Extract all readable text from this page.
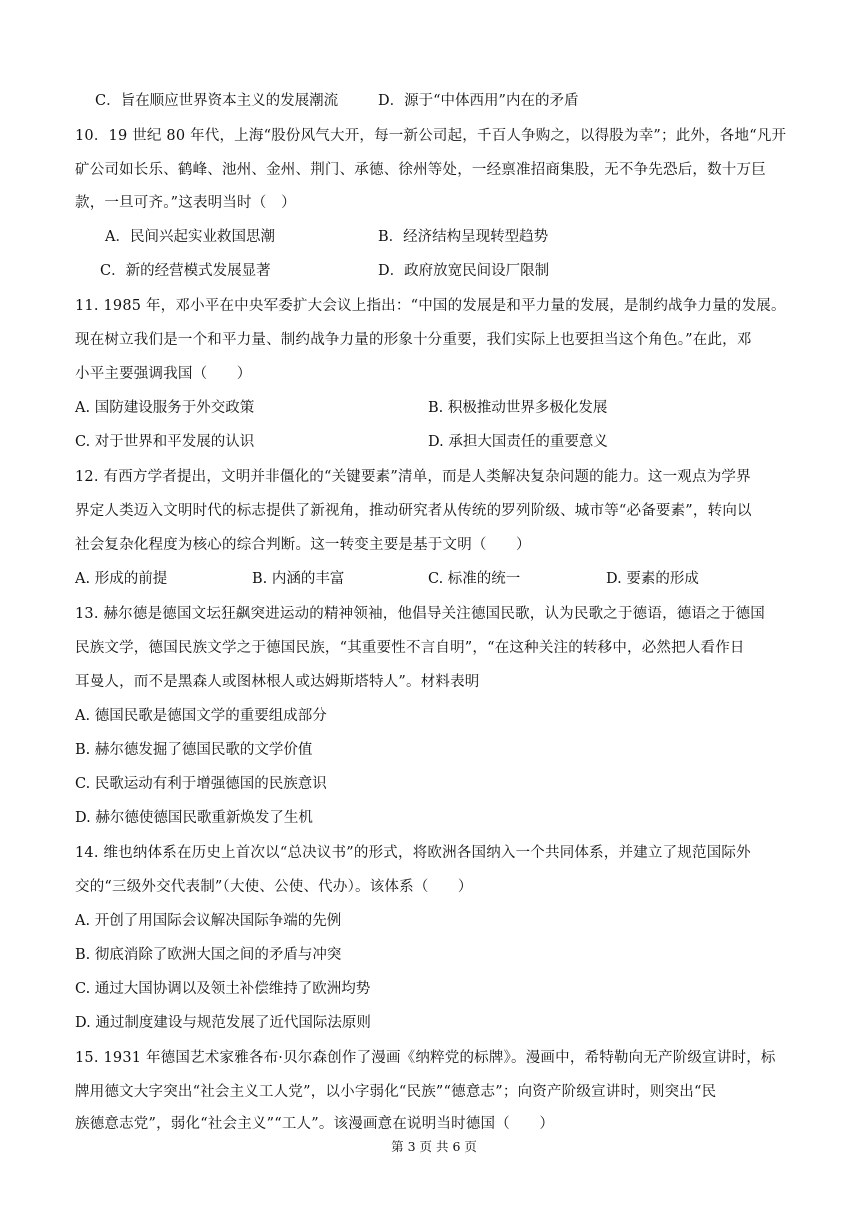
C．旨在顺应世界资本主义的发展潮流	D．源于“中体西用”内在的矛盾
10．19 世纪 80 年代，上海“股份风气大开，每一新公司起，千百人争购之，以得股为幸”；此外，各地“凡开
矿公司如长乐、鹤峰、池州、金州、荆门、承德、徐州等处，一经禀准招商集股，无不争先恐后，数十万巨
款，一旦可齐。”这表明当时（　）
A．民间兴起实业救国思潮	B．经济结构呈现转型趋势
C．新的经营模式发展显著	D．政府放宽民间设厂限制
11. 1985 年，邓小平在中央军委扩大会议上指出：“中国的发展是和平力量的发展，是制约战争力量的发展。
现在树立我们是一个和平力量、制约战争力量的形象十分重要，我们实际上也要担当这个角色。”在此，邓
小平主要强调我国（　　）
A. 国防建设服务于外交政策	B. 积极推动世界多极化发展
C. 对于世界和平发展的认识	D. 承担大国责任的重要意义
12. 有西方学者提出，文明并非僵化的“关键要素”清单，而是人类解决复杂问题的能力。这一观点为学界
界定人类迈入文明时代的标志提供了新视角，推动研究者从传统的罗列阶级、城市等“必备要素”，转向以
社会复杂化程度为核心的综合判断。这一转变主要是基于文明（　　）
A. 形成的前提	B. 内涵的丰富	C. 标准的统一	D. 要素的形成
13. 赫尔德是德国文坛狂飙突进运动的精神领袖，他倡导关注德国民歌，认为民歌之于德语，德语之于德国
民族文学，德国民族文学之于德国民族，“其重要性不言自明”，“在这种关注的转移中，必然把人看作日
耳曼人，而不是黑森人或图林根人或达姆斯塔特人”。材料表明
A. 德国民歌是德国文学的重要组成部分
B. 赫尔德发掘了德国民歌的文学价值
C. 民歌运动有利于增强德国的民族意识
D. 赫尔德使德国民歌重新焕发了生机
14. 维也纳体系在历史上首次以“总决议书”的形式，将欧洲各国纳入一个共同体系，并建立了规范国际外
交的“三级外交代表制”（大使、公使、代办）。该体系（　　）
A. 开创了用国际会议解决国际争端的先例
B. 彻底消除了欧洲大国之间的矛盾与冲突
C. 通过大国协调以及领土补偿维持了欧洲均势
D. 通过制度建设与规范发展了近代国际法原则
15. 1931 年德国艺术家雅各布·贝尔森创作了漫画《纳粹党的标牌》。漫画中，希特勒向无产阶级宣讲时，标
牌用德文大字突出“社会主义工人党”，以小字弱化“民族”“德意志”；向资产阶级宣讲时，则突出“民
族德意志党”，弱化“社会主义”“工人”。该漫画意在说明当时德国（　　）
第 3 页 共 6 页
